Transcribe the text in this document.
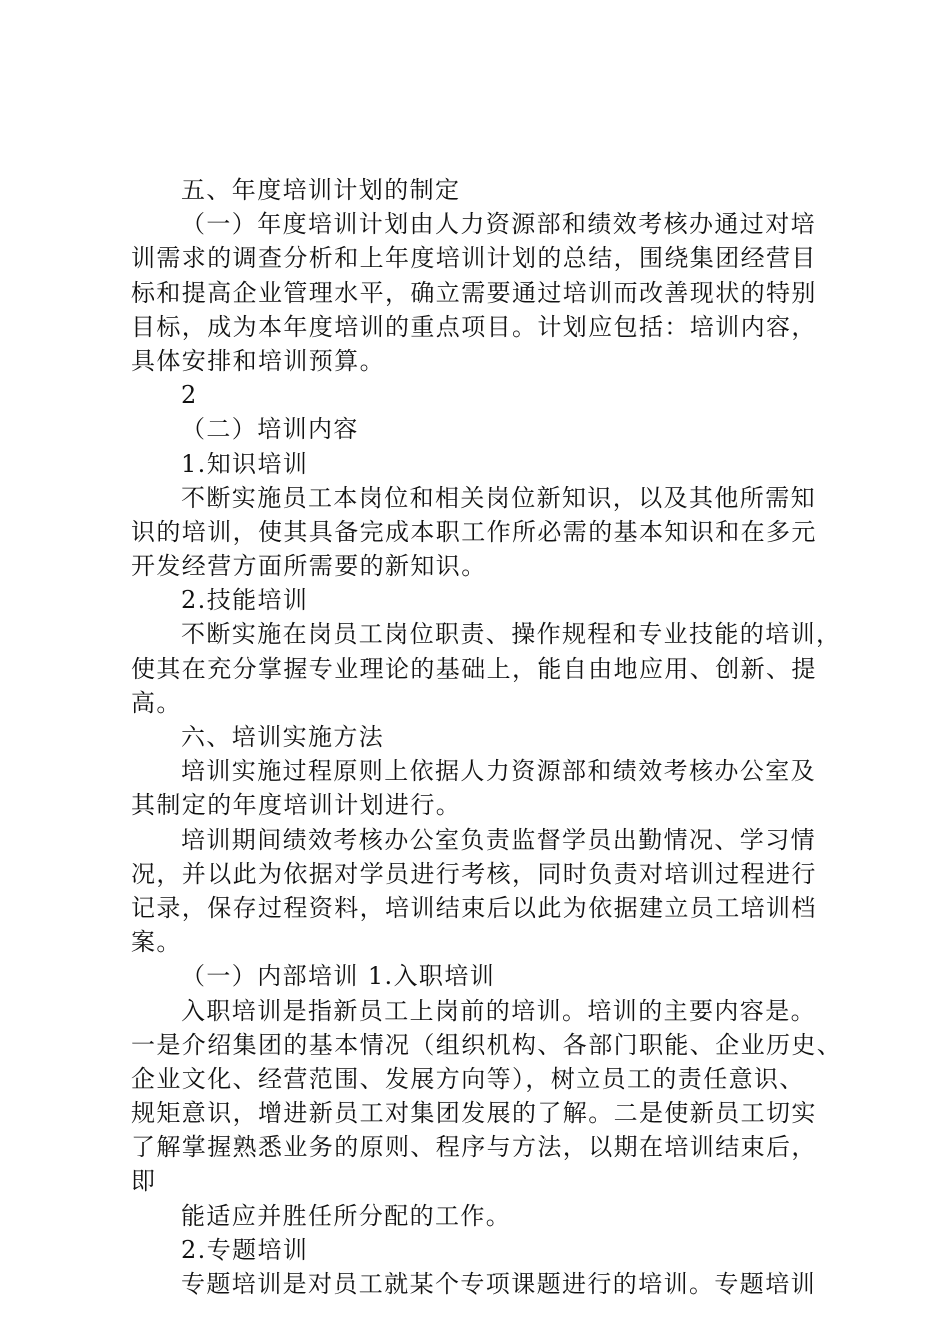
五、年度培训计划的制定
（一）年度培训计划由人力资源部和绩效考核办通过对培
训需求的调查分析和上年度培训计划的总结，围绕集团经营目
标和提高企业管理水平，确立需要通过培训而改善现状的特别
目标，成为本年度培训的重点项目。计划应包括：培训内容，
具体安排和培训预算。
2
（二）培训内容
1.知识培训
不断实施员工本岗位和相关岗位新知识，以及其他所需知
识的培训，使其具备完成本职工作所必需的基本知识和在多元
开发经营方面所需要的新知识。
2.技能培训
不断实施在岗员工岗位职责、操作规程和专业技能的培训，
使其在充分掌握专业理论的基础上，能自由地应用、创新、提
高。
六、培训实施方法
培训实施过程原则上依据人力资源部和绩效考核办公室及
其制定的年度培训计划进行。
培训期间绩效考核办公室负责监督学员出勤情况、学习情
况，并以此为依据对学员进行考核，同时负责对培训过程进行
记录，保存过程资料，培训结束后以此为依据建立员工培训档
案。
（一）内部培训 1.入职培训
入职培训是指新员工上岗前的培训。培训的主要内容是。
一是介绍集团的基本情况（组织机构、各部门职能、企业历史、
企业文化、经营范围、发展方向等），树立员工的责任意识、
规矩意识，增进新员工对集团发展的了解。二是使新员工切实
了解掌握熟悉业务的原则、程序与方法，以期在培训结束后，
即
能适应并胜任所分配的工作。
2.专题培训
专题培训是对员工就某个专项课题进行的培训。专题培训
